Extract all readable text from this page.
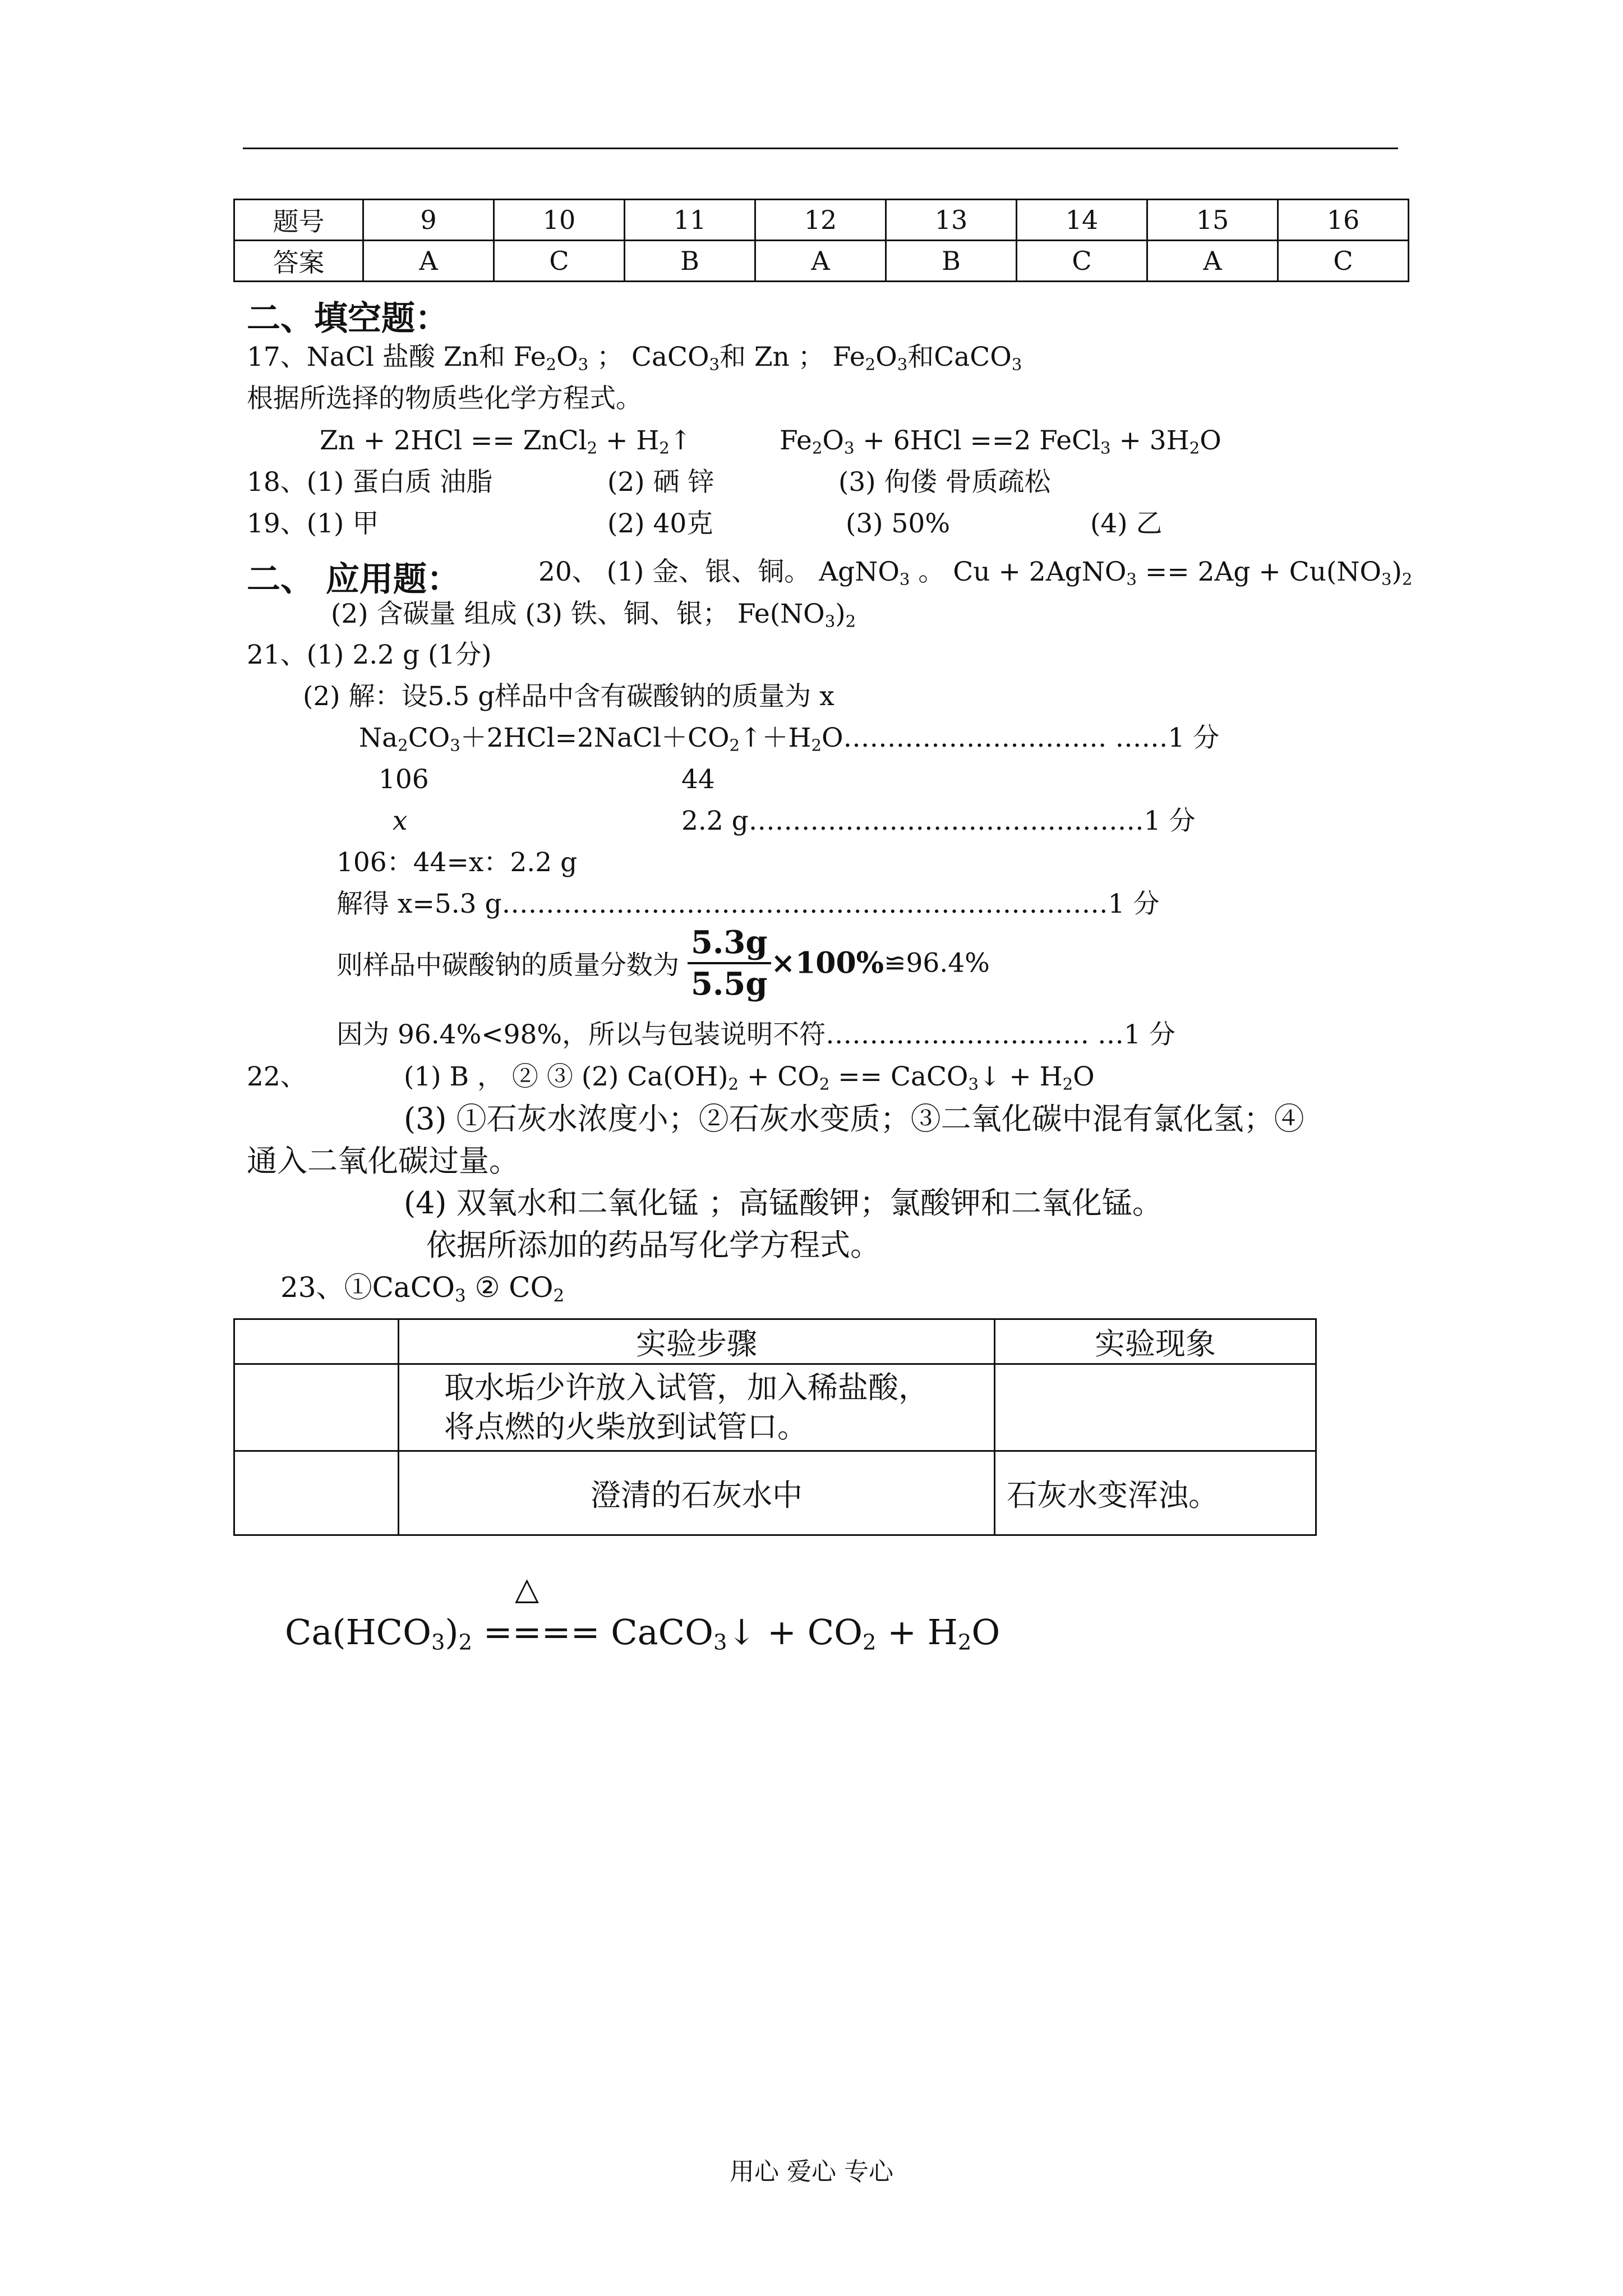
题号	9	10	11	12	13	14	15	16
答案	A	C	B	A	B	C	A	C
二、填空题：
17、NaCl 盐酸 Zn和 $Fe_2O_3$ ； CaCO$_3$和 Zn ； $Fe_2O_3$和CaCO$_3$
根据所选择的物质些化学方程式。
Zn + 2HCl == ZnCl$_2$ + $H_2↑$	$Fe_2O_3 + 6HCl ==2$ FeCl$_3$ + $3H_2O$
18、(1) 蛋白质 油脂	(2) 硒 锌	(3) 佝偻 骨质疏松
19、(1) 甲	(2) 40克	(3) 50%	(4) 乙
二、 应用题：	20、 (1) 金、银、铜。 AgNO$_3$ 。 Cu + 2AgNO$_3$ == $2Ag + Cu(NO_3)_2$
(2) 含碳量 组成 (3) 铁、铜、银； $Fe(NO_3)_2$
21、(1) 2.2 g (1分)
(2) 解：设5.5 g样品中含有碳酸钠的质量为 x
$Na_2CO_3+2HCl=2NaCl+CO_2↑+H_2O\dots\dots\dots\dots\dots\dots\dots\dots\dots\dots$ ……1 分
106	44
x	2.2 g………………………………………1 分
106：44=x：2.2 g
解得 x=5.3 g……………………………………………………………1 分
则样品中碳酸钠的质量分数为 $\frac{5.3g}{5.5g}$ ×100%≌96.4%
因为 96.4%<98%，所以与包装说明不符………………………… …1 分
22、	(1) B ， ② ③ (2) $Ca(OH)_2 + CO_2$ == CaCO$_3$↓ + $H_2O$
(3) ①石灰水浓度小；②石灰水变质；③二氧化碳中混有氯化氢；④
通入二氧化碳过量。
(4) 双氧水和二氧化锰 ；高锰酸钾；氯酸钾和二氧化锰。
依据所添加的药品写化学方程式。
23、①CaCO$_3$ ② $CO_2$
	实验步骤	实验现象

	取水垢少许放入试管，加入稀盐酸，
将点燃的火柴放到试管口。	

	澄清的石灰水中	石灰水变浑浊。
△
$Ca(HCO_3)_2$ ==== CaCO$_3$↓ + $CO_2 + H_2O$
用心 爱心 专心
